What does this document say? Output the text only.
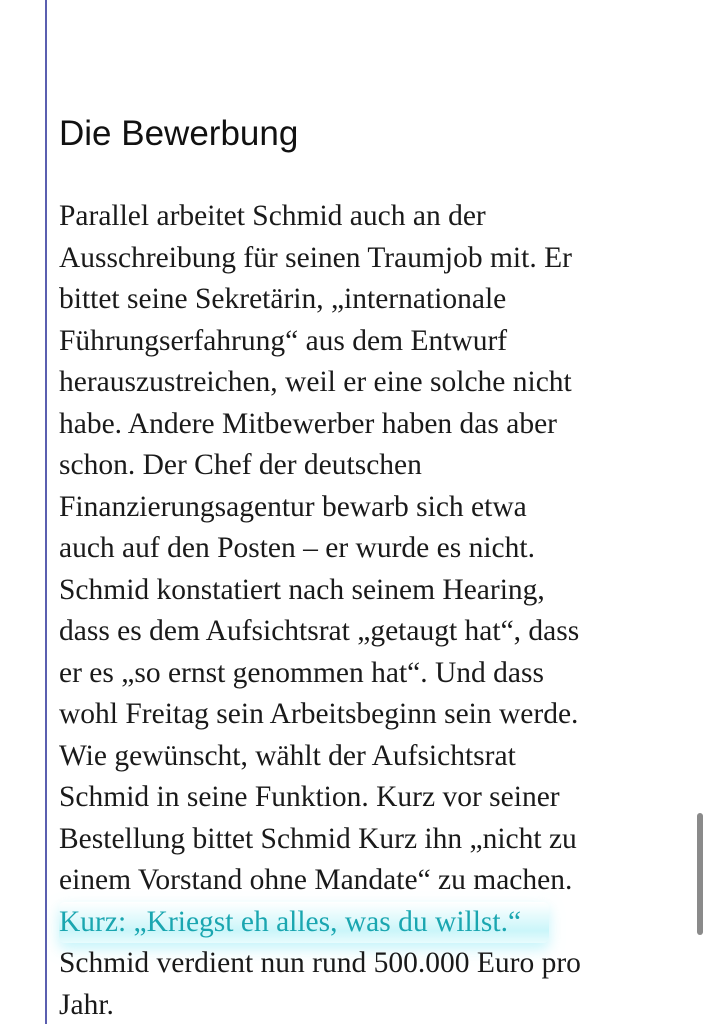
Die Bewerbung
Parallel arbeitet Schmid auch an der
Ausschreibung für seinen Traumjob mit. Er
bittet seine Sekretärin, „internationale
Führungserfahrung“ aus dem Entwurf
herauszustreichen, weil er eine solche nicht
habe. Andere Mitbewerber haben das aber
schon. Der Chef der deutschen
Finanzierungsagentur bewarb sich etwa
auch auf den Posten – er wurde es nicht.
Schmid konstatiert nach seinem Hearing,
dass es dem Aufsichtsrat „getaugt hat“, dass
er es „so ernst genommen hat“. Und dass
wohl Freitag sein Arbeitsbeginn sein werde.
Wie gewünscht, wählt der Aufsichtsrat
Schmid in seine Funktion. Kurz vor seiner
Bestellung bittet Schmid Kurz ihn „nicht zu
einem Vorstand ohne Mandate“ zu machen.
Kurz: „Kriegst eh alles, was du willst.“
Schmid verdient nun rund 500.000 Euro pro
Jahr.
